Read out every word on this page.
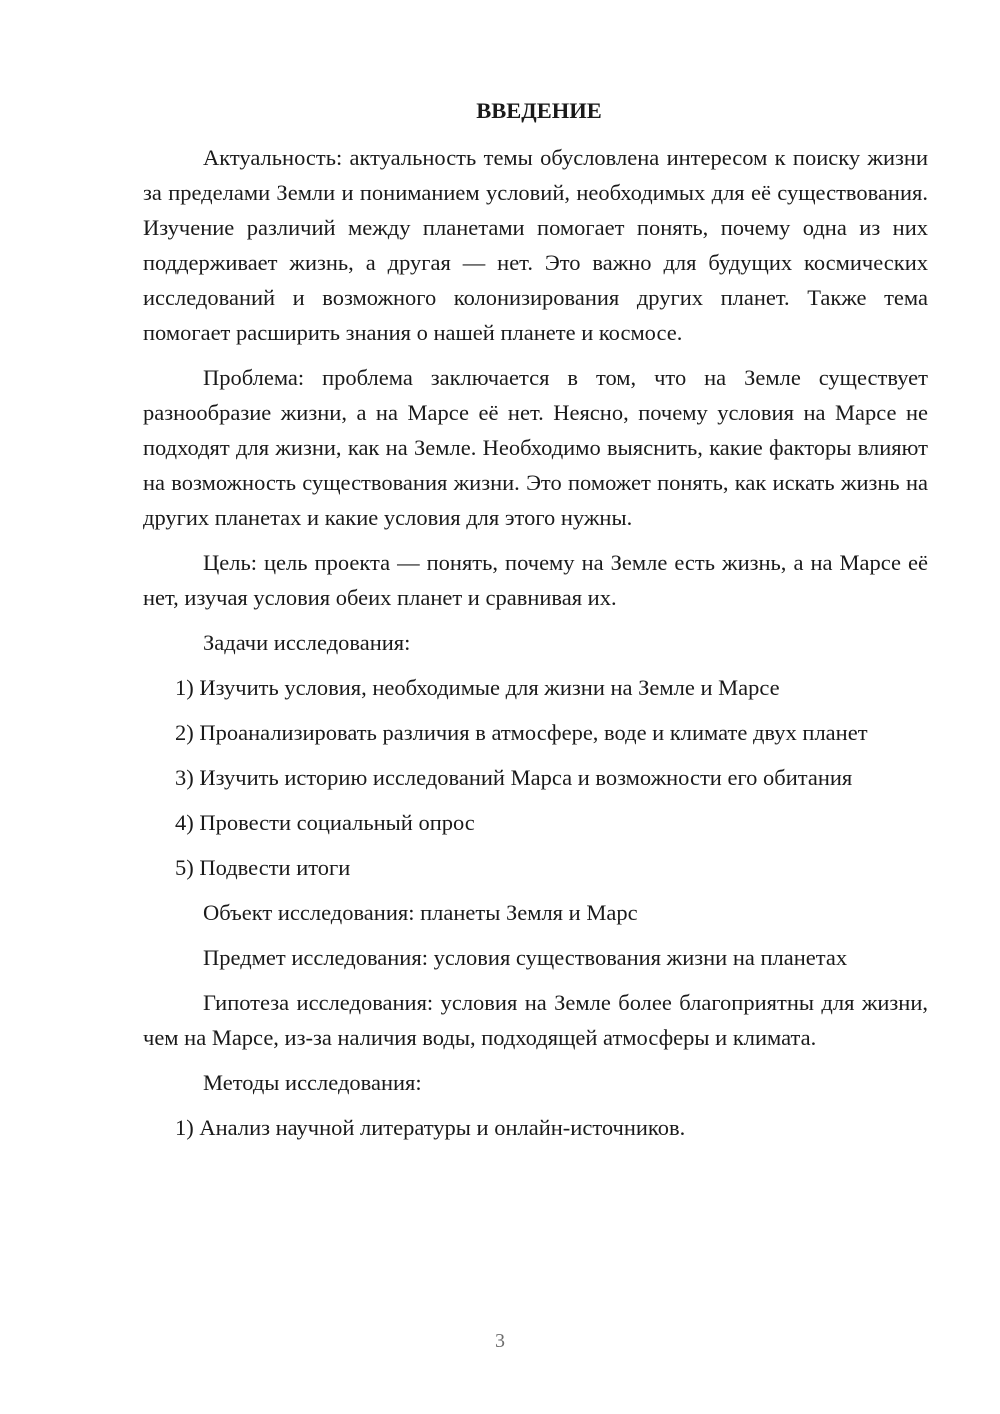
ВВЕДЕНИЕ

Актуальность: актуальность темы обусловлена интересом к поиску жизни за пределами Земли и пониманием условий, необходимых для её существования. Изучение различий между планетами помогает понять, почему одна из них поддерживает жизнь, а другая — нет. Это важно для будущих космических исследований и возможного колонизирования других планет. Также тема помогает расширить знания о нашей планете и космосе.

Проблема: проблема заключается в том, что на Земле существует разнообразие жизни, а на Марсе её нет. Неясно, почему условия на Марсе не подходят для жизни, как на Земле. Необходимо выяснить, какие факторы влияют на возможность существования жизни. Это поможет понять, как искать жизнь на других планетах и какие условия для этого нужны.

Цель: цель проекта — понять, почему на Земле есть жизнь, а на Марсе её нет, изучая условия обеих планет и сравнивая их.

Задачи исследования:

1) Изучить условия, необходимые для жизни на Земле и Марсе

2) Проанализировать различия в атмосфере, воде и климате двух планет

3) Изучить историю исследований Марса и возможности его обитания

4) Провести социальный опрос

5) Подвести итоги

Объект исследования: планеты Земля и Марс

Предмет исследования: условия существования жизни на планетах

Гипотеза исследования: условия на Земле более благоприятны для жизни, чем на Марсе, из-за наличия воды, подходящей атмосферы и климата.

Методы исследования:

1) Анализ научной литературы и онлайн-источников.

3
